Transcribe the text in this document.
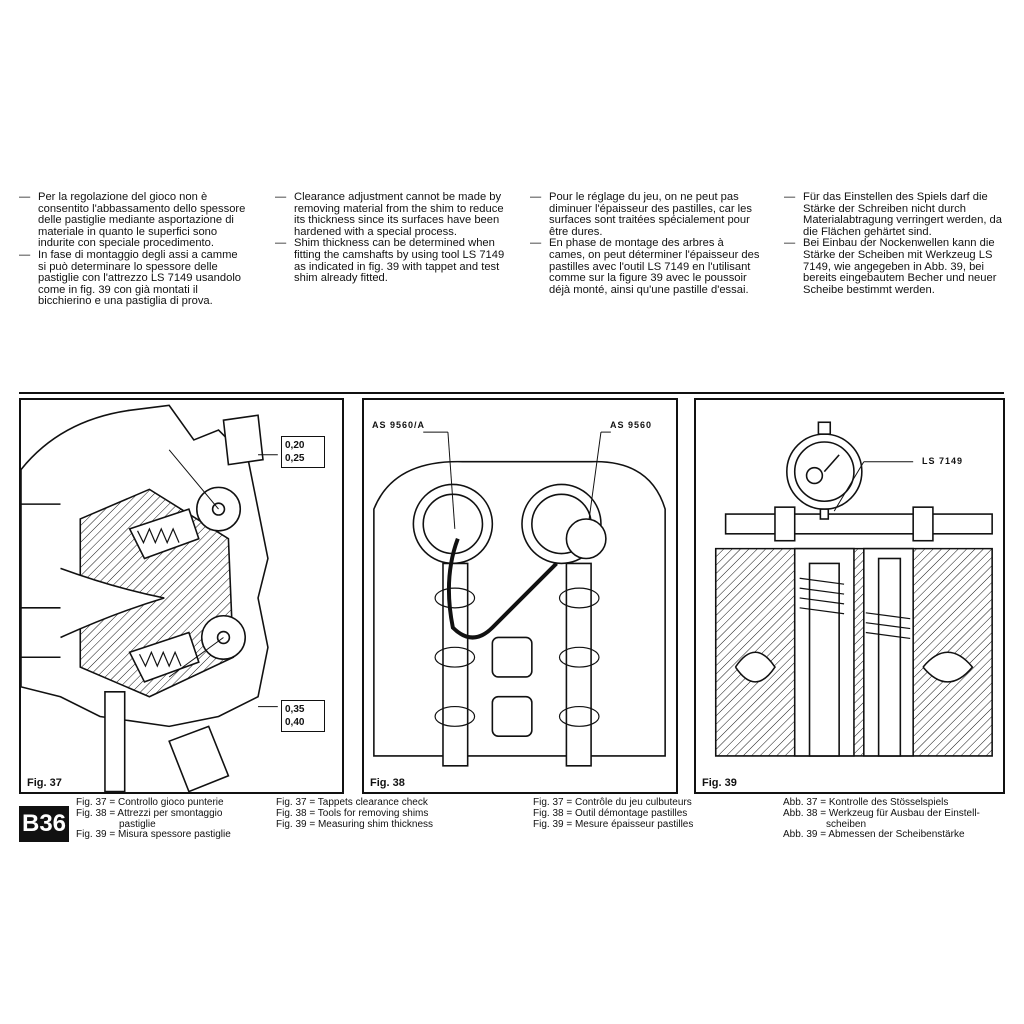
— Per la regolazione del gioco non è consentito l'abbassamento dello spessore delle pastiglie mediante asportazione di materiale in quanto le superfici sono indurite con speciale procedimento.
— In fase di montaggio degli assi a camme si può determinare lo spessore delle pastiglie con l'attrezzo LS 7149 usandolo come in fig. 39 con già montati il bicchierino e una pastiglia di prova.
— Clearance adjustment cannot be made by removing material from the shim to reduce its thickness since its surfaces have been hardened with a special process.
— Shim thickness can be determined when fitting the camshafts by using tool LS 7149 as indicated in fig. 39 with tappet and test shim already fitted.
— Pour le réglage du jeu, on ne peut pas diminuer l'épaisseur des pastilles, car les surfaces sont traitées spécialement pour être dures.
— En phase de montage des arbres à cames, on peut déterminer l'épaisseur des pastilles avec l'outil LS 7149 en l'utilisant comme sur la figure 39 avec le poussoir déjà monté, ainsi qu'une pastille d'essai.
— Für das Einstellen des Spiels darf die Stärke der Schreiben nicht durch Materialabtragung verringert werden, da die Flächen gehärtet sind.
— Bei Einbau der Nockenwellen kann die Stärke der Scheiben mit Werkzeug LS 7149, wie angegeben in Abb. 39, bei bereits eingebautem Becher und neuer Scheibe bestimmt werden.
0,20
0,25
0,35
0,40
Fig. 37
AS 9560/A	AS 9560
Fig. 38
LS 7149
Fig. 39
B36
Fig. 37 = Controllo gioco punterie
Fig. 38 = Attrezzi per smontaggio
pastiglie
Fig. 39 = Misura spessore pastiglie
Fig. 37 = Tappets clearance check
Fig. 38 = Tools for removing shims
Fig. 39 = Measuring shim thickness
Fig. 37 = Contrôle du jeu culbuteurs
Fig. 38 = Outil démontage pastilles
Fig. 39 = Mesure épaisseur pastilles
Abb. 37 = Kontrolle des Stösselspiels
Abb. 38 = Werkzeug für Ausbau der Einstell-
scheiben
Abb. 39 = Abmessen der Scheibenstärke
